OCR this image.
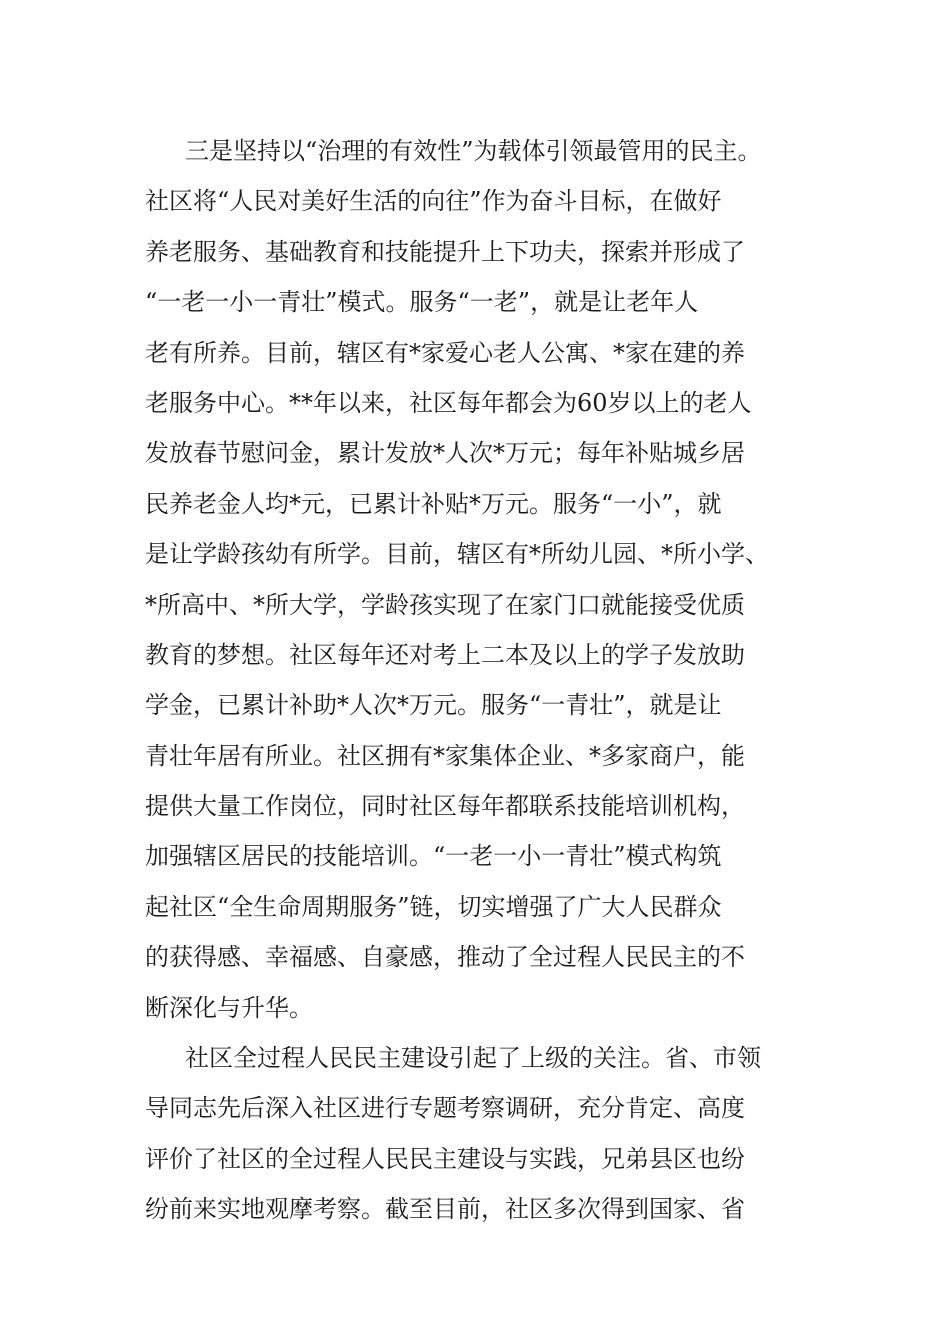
三是坚持以“治理的有效性”为载体引领最管用的民主。
社区将“人民对美好生活的向往”作为奋斗目标，在做好
养老服务、基础教育和技能提升上下功夫，探索并形成了
“一老一小一青壮”模式。服务“一老”，就是让老年人
老有所养。目前，辖区有*家爱心老人公寓、*家在建的养
老服务中心。**年以来，社区每年都会为60岁以上的老人
发放春节慰问金，累计发放*人次*万元；每年补贴城乡居
民养老金人均*元，已累计补贴*万元。服务“一小”，就
是让学龄孩幼有所学。目前，辖区有*所幼儿园、*所小学、
*所高中、*所大学，学龄孩实现了在家门口就能接受优质
教育的梦想。社区每年还对考上二本及以上的学子发放助
学金，已累计补助*人次*万元。服务“一青壮”，就是让
青壮年居有所业。社区拥有*家集体企业、*多家商户，能
提供大量工作岗位，同时社区每年都联系技能培训机构，
加强辖区居民的技能培训。“一老一小一青壮”模式构筑
起社区“全生命周期服务”链，切实增强了广大人民群众
的获得感、幸福感、自豪感，推动了全过程人民民主的不
断深化与升华。
社区全过程人民民主建设引起了上级的关注。省、市领
导同志先后深入社区进行专题考察调研，充分肯定、高度
评价了社区的全过程人民民主建设与实践，兄弟县区也纷
纷前来实地观摩考察。截至目前，社区多次得到国家、省
